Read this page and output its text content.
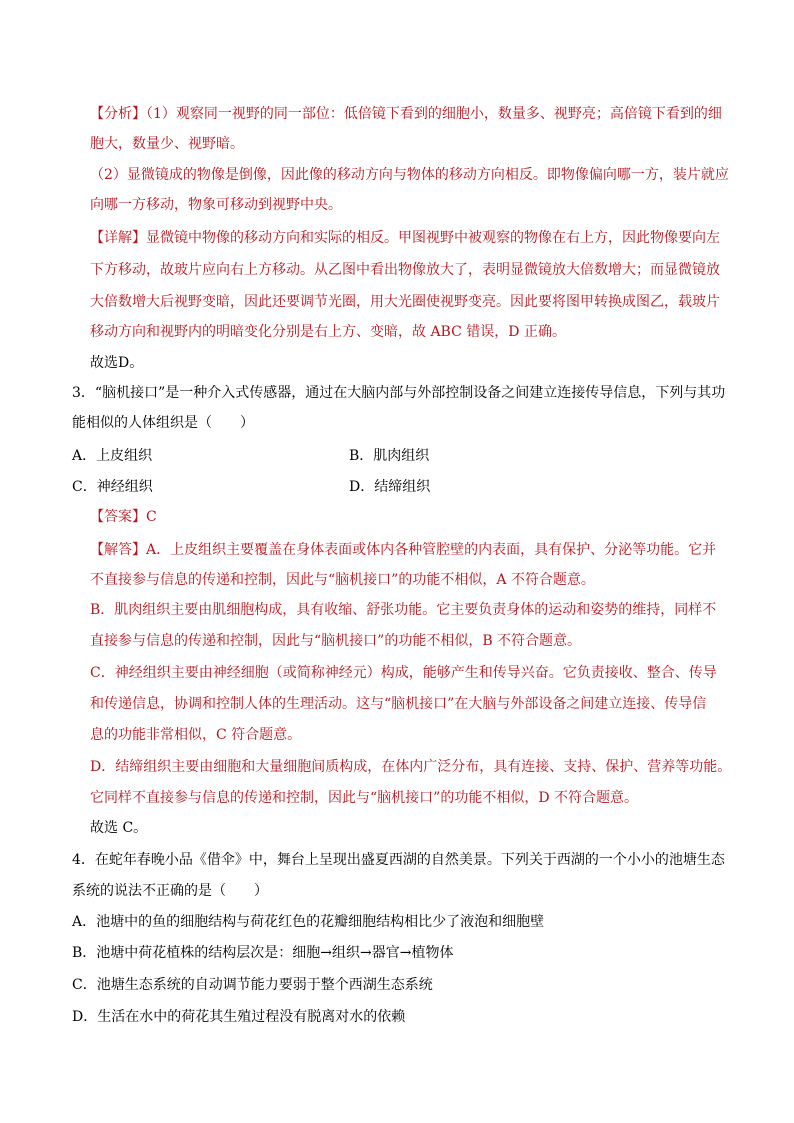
【分析】（1）观察同一视野的同一部位：低倍镜下看到的细胞小，数量多、视野亮；高倍镜下看到的细
胞大，数量少、视野暗。
（2）显微镜成的物像是倒像，因此像的移动方向与物体的移动方向相反。即物像偏向哪一方，装片就应
向哪一方移动，物象可移动到视野中央。
【详解】显微镜中物像的移动方向和实际的相反。甲图视野中被观察的物像在右上方，因此物像要向左
下方移动，故玻片应向右上方移动。从乙图中看出物像放大了，表明显微镜放大倍数增大；而显微镜放
大倍数增大后视野变暗，因此还要调节光圈，用大光圈使视野变亮。因此要将图甲转换成图乙，载玻片
移动方向和视野内的明暗变化分别是右上方、变暗，故 ABC 错误，D 正确。
故选D。
3．“脑机接口”是一种介入式传感器，通过在大脑内部与外部控制设备之间建立连接传导信息，下列与其功
能相似的人体组织是（　　）
A．上皮组织	B．肌肉组织
C．神经组织	D．结缔组织
【答案】C
【解答】A．上皮组织主要覆盖在身体表面或体内各种管腔壁的内表面，具有保护、分泌等功能。它并
不直接参与信息的传递和控制，因此与“脑机接口”的功能不相似，A 不符合题意。
B．肌肉组织主要由肌细胞构成，具有收缩、舒张功能。它主要负责身体的运动和姿势的维持，同样不
直接参与信息的传递和控制，因此与“脑机接口”的功能不相似，B 不符合题意。
C．神经组织主要由神经细胞（或简称神经元）构成，能够产生和传导兴奋。它负责接收、整合、传导
和传递信息，协调和控制人体的生理活动。这与“脑机接口”在大脑与外部设备之间建立连接、传导信
息的功能非常相似，C 符合题意。
D．结缔组织主要由细胞和大量细胞间质构成，在体内广泛分布，具有连接、支持、保护、营养等功能。
它同样不直接参与信息的传递和控制，因此与“脑机接口”的功能不相似，D 不符合题意。
故选 C。
4．在蛇年春晚小品《借伞》中，舞台上呈现出盛夏西湖的自然美景。下列关于西湖的一个小小的池塘生态
系统的说法不正确的是（　　）
A．池塘中的鱼的细胞结构与荷花红色的花瓣细胞结构相比少了液泡和细胞壁
B．池塘中荷花植株的结构层次是：细胞→组织→器官→植物体
C．池塘生态系统的自动调节能力要弱于整个西湖生态系统
D．生活在水中的荷花其生殖过程没有脱离对水的依赖
